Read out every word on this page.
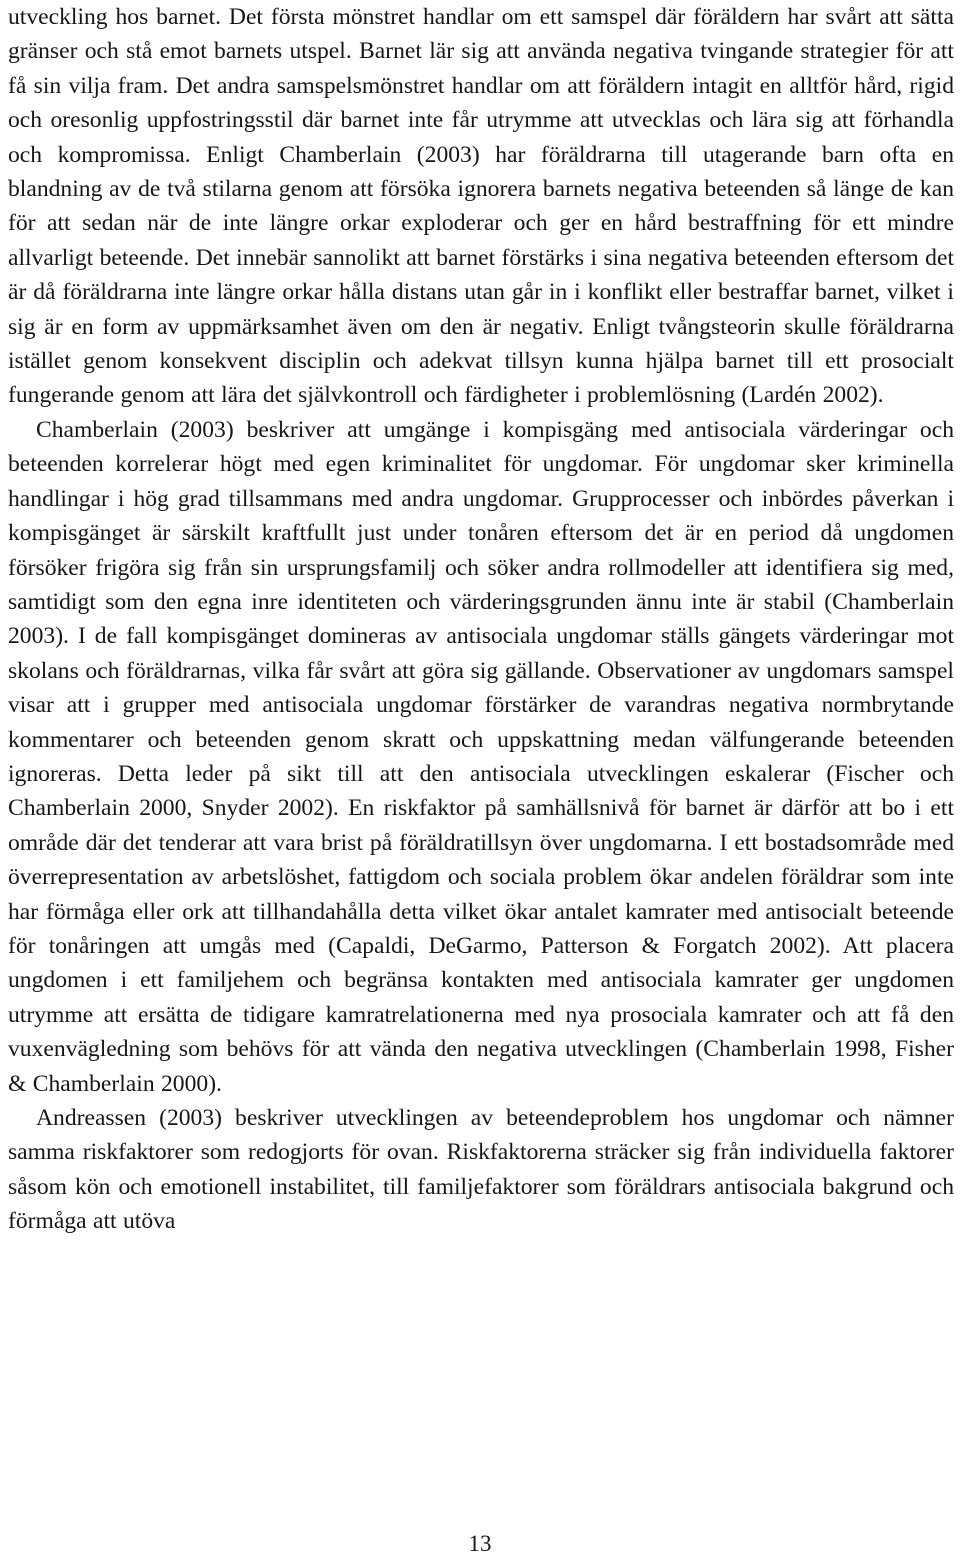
utveckling hos barnet. Det första mönstret handlar om ett samspel där föräldern har svårt att sätta gränser och stå emot barnets utspel. Barnet lär sig att använda negativa tvingande strategier för att få sin vilja fram. Det andra samspelsmönstret handlar om att föräldern intagit en alltför hård, rigid och oresonlig uppfostringsstil där barnet inte får utrymme att utvecklas och lära sig att förhandla och kompromissa. Enligt Chamberlain (2003) har föräldrarna till utagerande barn ofta en blandning av de två stilarna genom att försöka ignorera barnets negativa beteenden så länge de kan för att sedan när de inte längre orkar exploderar och ger en hård bestraffning för ett mindre allvarligt beteende. Det innebär sannolikt att barnet förstärks i sina negativa beteenden eftersom det är då föräldrarna inte längre orkar hålla distans utan går in i konflikt eller bestraffar barnet, vilket i sig är en form av uppmärksamhet även om den är negativ. Enligt tvångsteorin skulle föräldrarna istället genom konsekvent disciplin och adekvat tillsyn kunna hjälpa barnet till ett prosocialt fungerande genom att lära det självkontroll och färdigheter i problemlösning (Lardén 2002).

Chamberlain (2003) beskriver att umgänge i kompisgäng med antisociala värderingar och beteenden korrelerar högt med egen kriminalitet för ungdomar. För ungdomar sker kriminella handlingar i hög grad tillsammans med andra ungdomar. Grupprocesser och inbördes påverkan i kompisgänget är särskilt kraftfullt just under tonåren eftersom det är en period då ungdomen försöker frigöra sig från sin ursprungsfamilj och söker andra rollmodeller att identifiera sig med, samtidigt som den egna inre identiteten och värderingsgrunden ännu inte är stabil (Chamberlain 2003). I de fall kompisgänget domineras av antisociala ungdomar ställs gängets värderingar mot skolans och föräldrarnas, vilka får svårt att göra sig gällande. Observationer av ungdomars samspel visar att i grupper med antisociala ungdomar förstärker de varandras negativa normbrytande kommentarer och beteenden genom skratt och uppskattning medan välfungerande beteenden ignoreras. Detta leder på sikt till att den antisociala utvecklingen eskalerar (Fischer och Chamberlain 2000, Snyder 2002). En riskfaktor på samhällsnivå för barnet är därför att bo i ett område där det tenderar att vara brist på föräldratillsyn över ungdomarna. I ett bostadsområde med överrepresentation av arbetslöshet, fattigdom och sociala problem ökar andelen föräldrar som inte har förmåga eller ork att tillhandahålla detta vilket ökar antalet kamrater med antisocialt beteende för tonåringen att umgås med (Capaldi, DeGarmo, Patterson & Forgatch 2002). Att placera ungdomen i ett familjehem och begränsa kontakten med antisociala kamrater ger ungdomen utrymme att ersätta de tidigare kamratrelationerna med nya prosociala kamrater och att få den vuxenvägledning som behövs för att vända den negativa utvecklingen (Chamberlain 1998, Fisher & Chamberlain 2000).

Andreassen (2003) beskriver utvecklingen av beteendeproblem hos ungdomar och nämner samma riskfaktorer som redogjorts för ovan. Riskfaktorerna sträcker sig från individuella faktorer såsom kön och emotionell instabilitet, till familjefaktorer som föräldrars antisociala bakgrund och förmåga att utöva

13
